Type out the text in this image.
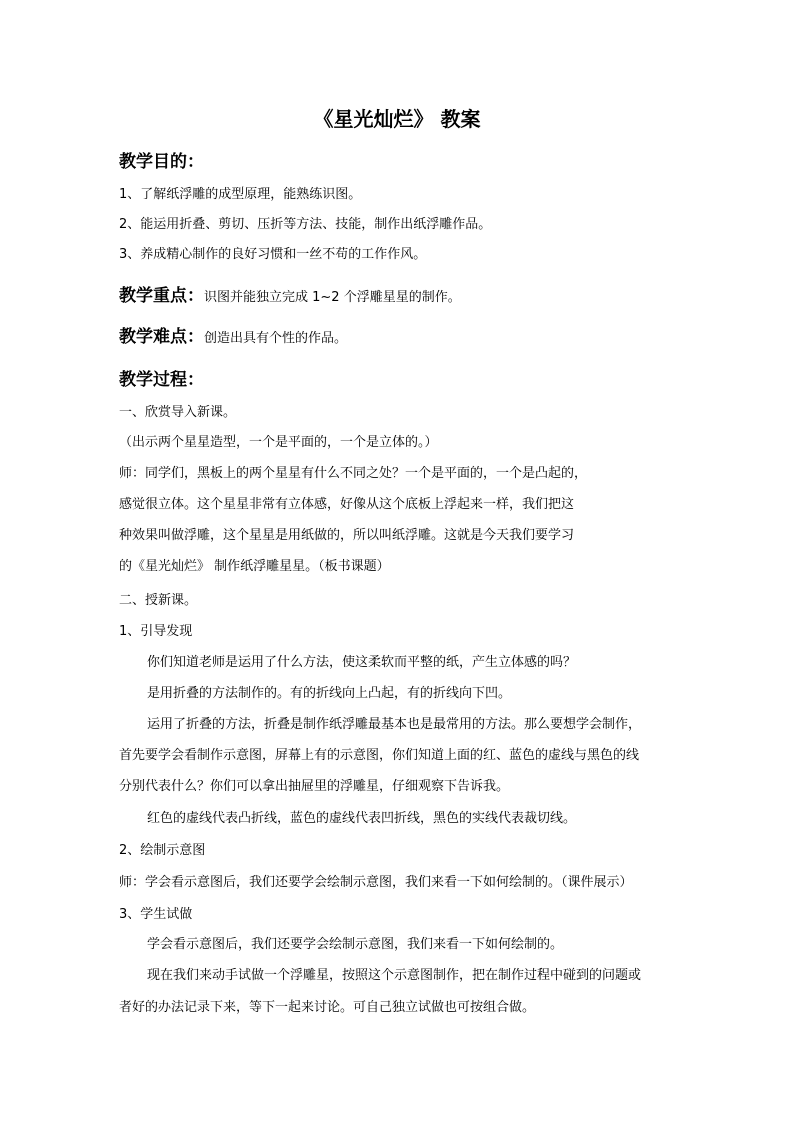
《星光灿烂》 教案
教学目的：
1、了解纸浮雕的成型原理，能熟练识图。
2、能运用折叠、剪切、压折等方法、技能，制作出纸浮雕作品。
3、养成精心制作的良好习惯和一丝不苟的工作作风。
教学重点：识图并能独立完成 1~2 个浮雕星星的制作。
教学难点：创造出具有个性的作品。
教学过程：
一、欣赏导入新课。
（出示两个星星造型，一个是平面的，一个是立体的。）
师：同学们，黑板上的两个星星有什么不同之处？一个是平面的，一个是凸起的，
感觉很立体。这个星星非常有立体感，好像从这个底板上浮起来一样，我们把这
种效果叫做浮雕，这个星星是用纸做的，所以叫纸浮雕。这就是今天我们要学习
的《星光灿烂》 制作纸浮雕星星。（板书课题）
二、授新课。
1、引导发现
你们知道老师是运用了什么方法，使这柔软而平整的纸，产生立体感的吗？
是用折叠的方法制作的。有的折线向上凸起，有的折线向下凹。
运用了折叠的方法，折叠是制作纸浮雕最基本也是最常用的方法。那么要想学会制作，
首先要学会看制作示意图，屏幕上有的示意图，你们知道上面的红、蓝色的虚线与黑色的线
分别代表什么？你们可以拿出抽屉里的浮雕星，仔细观察下告诉我。
红色的虚线代表凸折线，蓝色的虚线代表凹折线，黑色的实线代表裁切线。
2、绘制示意图
师：学会看示意图后，我们还要学会绘制示意图，我们来看一下如何绘制的。（课件展示）
3、学生试做
学会看示意图后，我们还要学会绘制示意图，我们来看一下如何绘制的。
现在我们来动手试做一个浮雕星，按照这个示意图制作，把在制作过程中碰到的问题或
者好的办法记录下来，等下一起来讨论。可自己独立试做也可按组合做。
